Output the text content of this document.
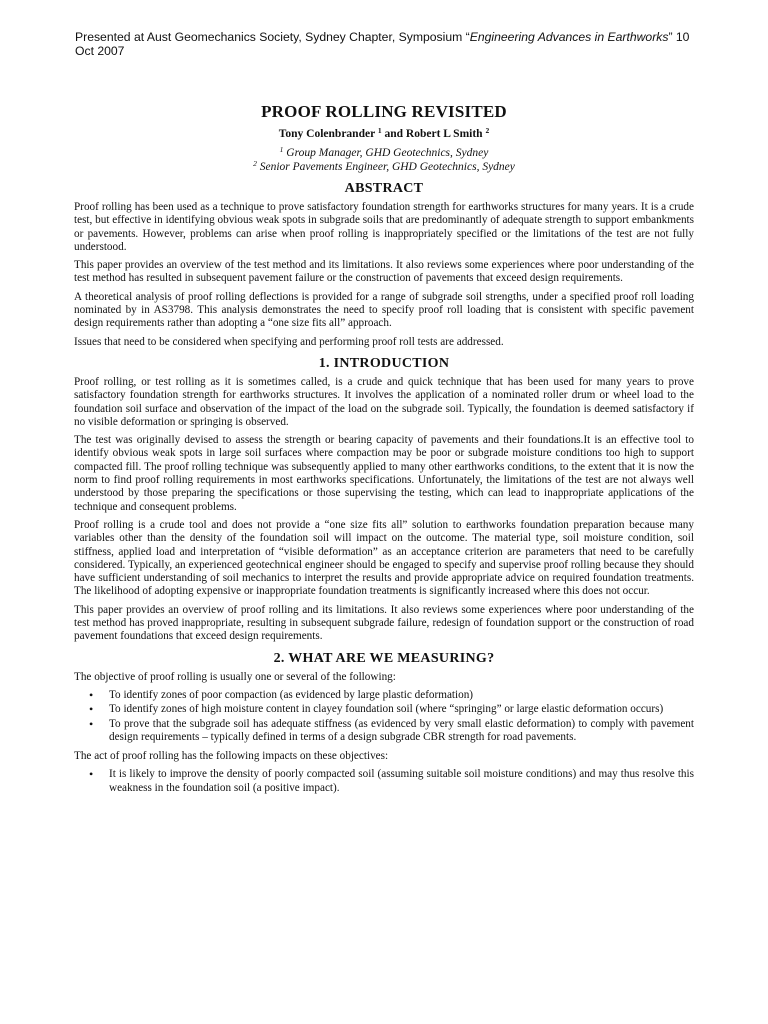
Presented at Aust Geomechanics Society, Sydney Chapter, Symposium “Engineering Advances in Earthworks” 10 Oct 2007
PROOF ROLLING REVISITED
Tony Colenbrander $^1$ and Robert L Smith $^2$
$^1$ Group Manager, GHD Geotechnics, Sydney
$^2$ Senior Pavements Engineer, GHD Geotechnics, Sydney
ABSTRACT

Proof rolling has been used as a technique to prove satisfactory foundation strength for earthworks structures for many years. It is a crude test, but effective in identifying obvious weak spots in subgrade soils that are predominantly of adequate strength to support embankments or pavements. However, problems can arise when proof rolling is inappropriately specified or the limitations of the test are not fully understood.

This paper provides an overview of the test method and its limitations. It also reviews some experiences where poor understanding of the test method has resulted in subsequent pavement failure or the construction of pavements that exceed design requirements.

A theoretical analysis of proof rolling deflections is provided for a range of subgrade soil strengths, under a specified proof roll loading nominated by in AS3798. This analysis demonstrates the need to specify proof roll loading that is consistent with specific pavement design requirements rather than adopting a “one size fits all” approach.

Issues that need to be considered when specifying and performing proof roll tests are addressed.

1. INTRODUCTION

Proof rolling, or test rolling as it is sometimes called, is a crude and quick technique that has been used for many years to prove satisfactory foundation strength for earthworks structures. It involves the application of a nominated roller drum or wheel load to the foundation soil surface and observation of the impact of the load on the subgrade soil. Typically, the foundation is deemed satisfactory if no visible deformation or springing is observed.

The test was originally devised to assess the strength or bearing capacity of pavements and their foundations.It is an effective tool to identify obvious weak spots in large soil surfaces where compaction may be poor or subgrade moisture conditions too high to support compacted fill. The proof rolling technique was subsequently applied to many other earthworks conditions, to the extent that it is now the norm to find proof rolling requirements in most earthworks specifications. Unfortunately, the limitations of the test are not always well understood by those preparing the specifications or those supervising the testing, which can lead to inappropriate applications of the technique and consequent problems.

Proof rolling is a crude tool and does not provide a “one size fits all” solution to earthworks foundation preparation because many variables other than the density of the foundation soil will impact on the outcome. The material type, soil moisture condition, soil stiffness, applied load and interpretation of “visible deformation” as an acceptance criterion are parameters that need to be carefully considered. Typically, an experienced geotechnical engineer should be engaged to specify and supervise proof rolling because they should have sufficient understanding of soil mechanics to interpret the results and provide appropriate advice on required foundation treatments. The likelihood of adopting expensive or inappropriate foundation treatments is significantly increased where this does not occur.

This paper provides an overview of proof rolling and its limitations. It also reviews some experiences where poor understanding of the test method has proved inappropriate, resulting in subsequent subgrade failure, redesign of foundation support or the construction of road pavement foundations that exceed design requirements.

2. WHAT ARE WE MEASURING?

The objective of proof rolling is usually one or several of the following:

• To identify zones of poor compaction (as evidenced by large plastic deformation)
• To identify zones of high moisture content in clayey foundation soil (where “springing” or large elastic deformation occurs)
• To prove that the subgrade soil has adequate stiffness (as evidenced by very small elastic deformation) to comply with pavement design requirements – typically defined in terms of a design subgrade CBR strength for road pavements.

The act of proof rolling has the following impacts on these objectives:

• It is likely to improve the density of poorly compacted soil (assuming suitable soil moisture conditions) and may thus resolve this weakness in the foundation soil (a positive impact).
